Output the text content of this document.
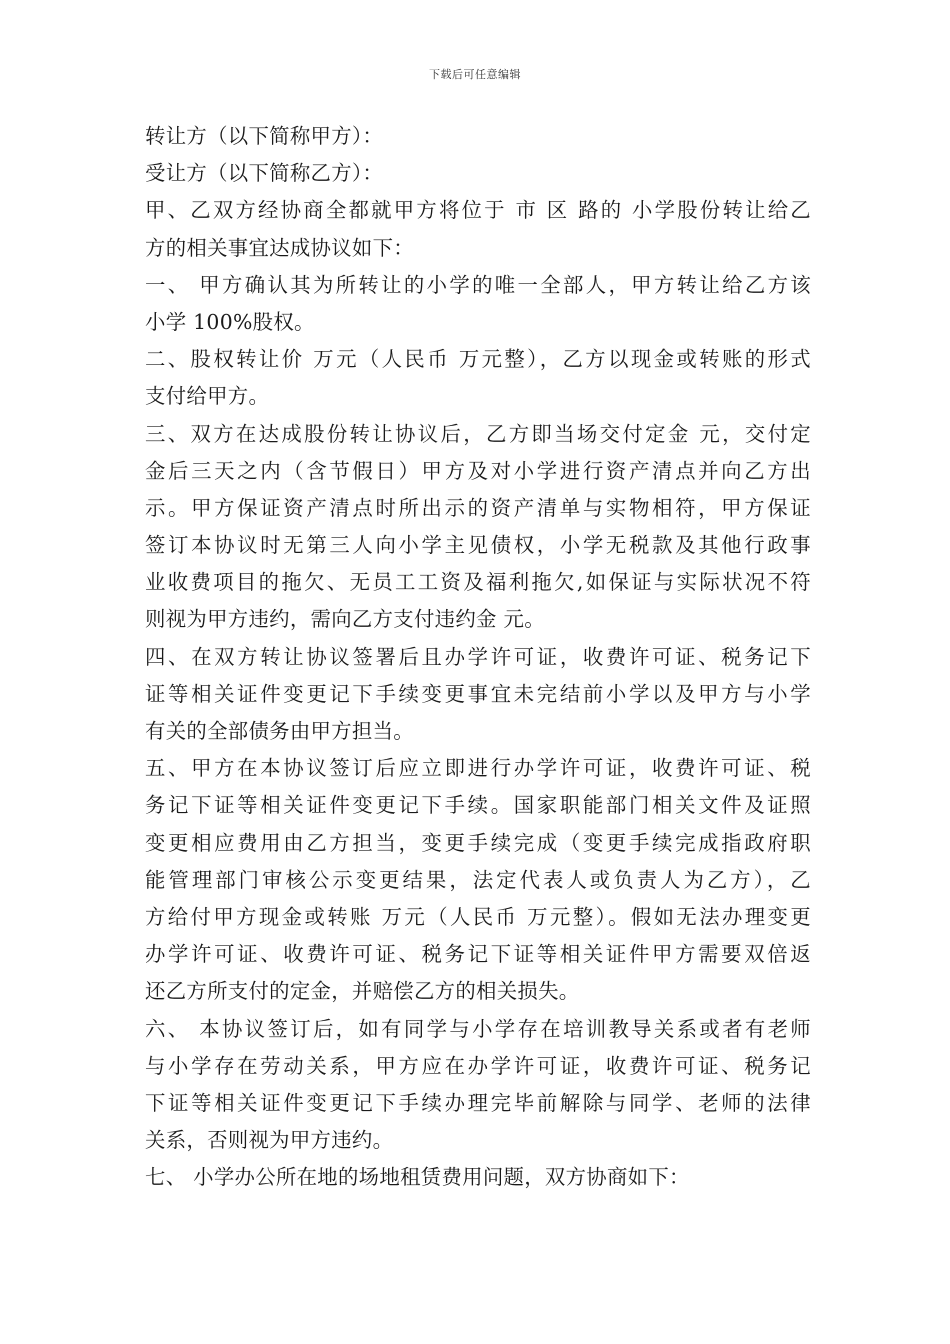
下载后可任意编辑
转让方（以下简称甲方）：
受让方（以下简称乙方）：
甲、乙双方经协商全都就甲方将位于 市 区 路的 小学股份转让给乙
方的相关事宜达成协议如下：
一、 甲方确认其为所转让的小学的唯一全部人，甲方转让给乙方该
小学 100%股权。
二、股权转让价 万元（人民币 万元整），乙方以现金或转账的形式
支付给甲方。
三、双方在达成股份转让协议后，乙方即当场交付定金 元，交付定
金后三天之内（含节假日）甲方及对小学进行资产清点并向乙方出
示。甲方保证资产清点时所出示的资产清单与实物相符，甲方保证
签订本协议时无第三人向小学主见债权，小学无税款及其他行政事
业收费项目的拖欠、无员工工资及福利拖欠,如保证与实际状况不符
则视为甲方违约，需向乙方支付违约金 元。
四、在双方转让协议签署后且办学许可证，收费许可证、税务记下
证等相关证件变更记下手续变更事宜未完结前小学以及甲方与小学
有关的全部债务由甲方担当。
五、甲方在本协议签订后应立即进行办学许可证，收费许可证、税
务记下证等相关证件变更记下手续。国家职能部门相关文件及证照
变更相应费用由乙方担当，变更手续完成（变更手续完成指政府职
能管理部门审核公示变更结果，法定代表人或负责人为乙方），乙
方给付甲方现金或转账 万元（人民币 万元整）。假如无法办理变更
办学许可证、收费许可证、税务记下证等相关证件甲方需要双倍返
还乙方所支付的定金，并赔偿乙方的相关损失。
六、 本协议签订后，如有同学与小学存在培训教导关系或者有老师
与小学存在劳动关系，甲方应在办学许可证，收费许可证、税务记
下证等相关证件变更记下手续办理完毕前解除与同学、老师的法律
关系，否则视为甲方违约。
七、 小学办公所在地的场地租赁费用问题，双方协商如下：
